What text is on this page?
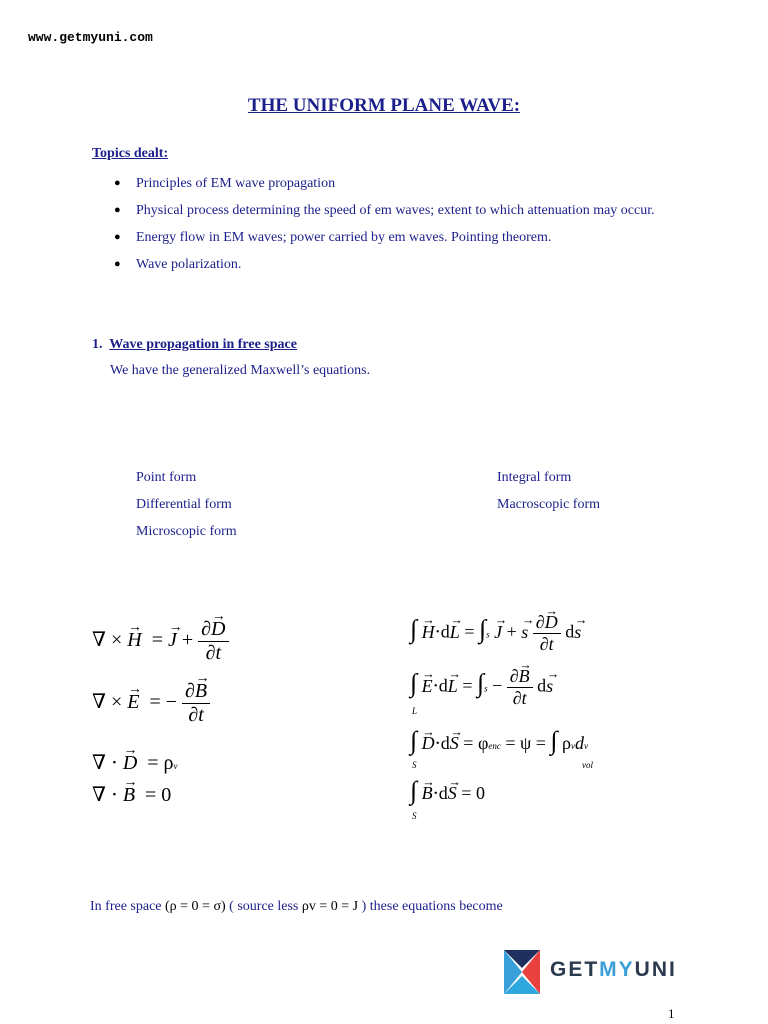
www.getmyuni.com
THE UNIFORM PLANE WAVE:
Topics dealt:
● Principles of EM wave propagation
● Physical process determining the speed of em waves; extent to which attenuation may occur.
● Energy flow in EM waves; power carried by em waves. Pointing theorem.
● Wave polarization.
1. Wave propagation in free space
We have the generalized Maxwell’s equations.
Point form
Differential form
Microscopic form
Integral form
Macroscopic form
∇ × → H  = → $J + \frac{\partial\to D}{\partial t}$
∇ × → E  = − $\frac{\partial\to B}{\partial t}$
∇ ⋅ → D  = ρv
∇ ⋅ → B  = 0
∫ → H⋅d→ L = ∫s → J + → s $\frac{\partial\to D}{\partial t} d\to s$
∫ → $E\cdot d\to L = \int s - \frac{\partial\to B}{\partial t} d\to s$
L
∫ → D⋅d→ S = φenc = ψ = ∫ ρvdv
S	vol
∫ → B⋅d→ S = 0
S
In free space (ρ = 0 = σ) ( source less ρv = 0 = J ) these equations become
GETMYUNI
1
